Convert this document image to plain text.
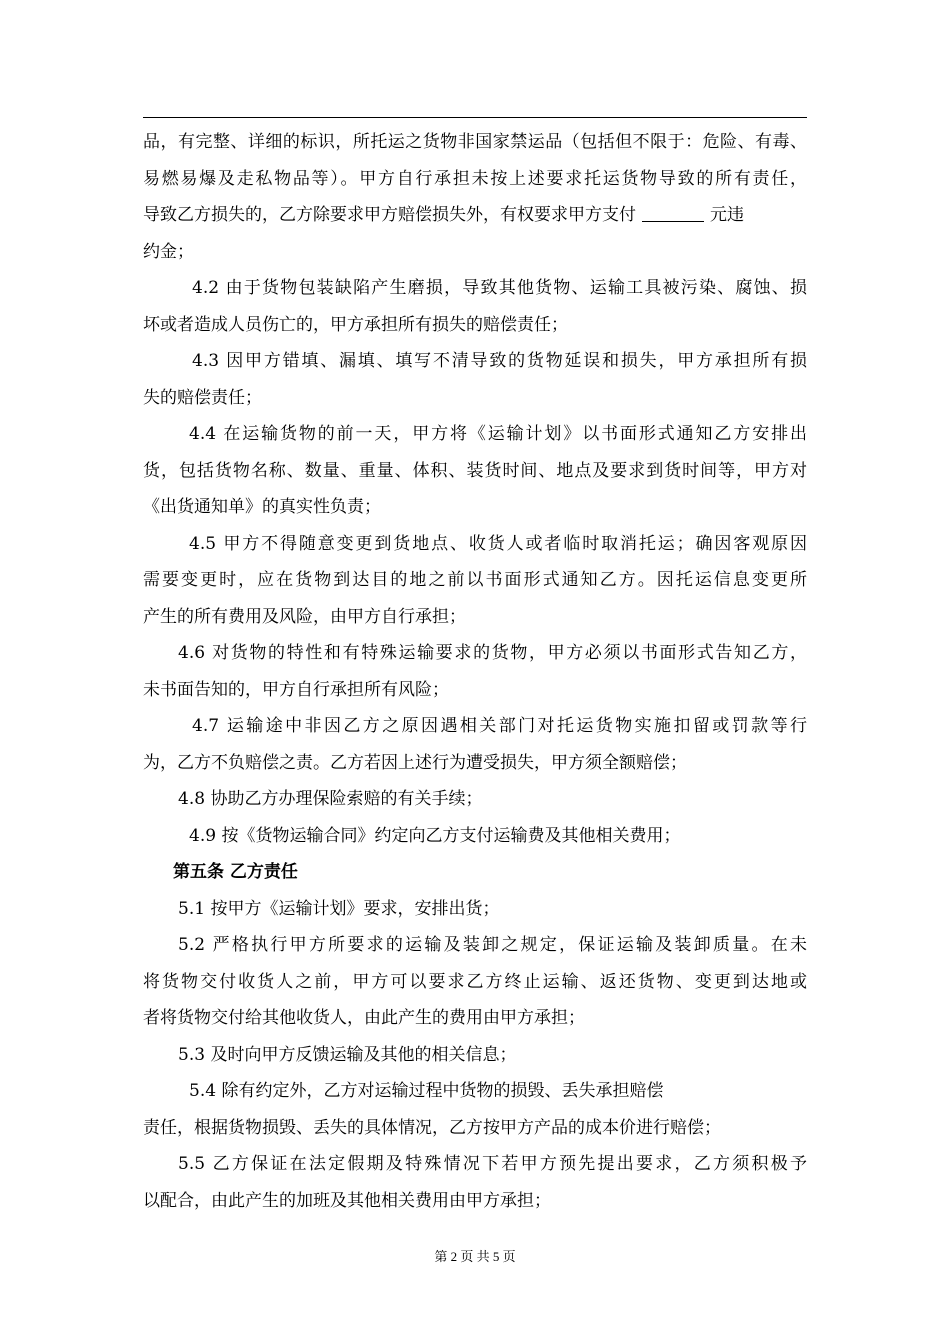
品，有完整、详细的标识，所托运之货物非国家禁运品（包括但不限于：危险、有毒、
易燃易爆及走私物品等）。甲方自行承担未按上述要求托运货物导致的所有责任，
导致乙方损失的，乙方除要求甲方赔偿损失外，有权要求甲方支付	元违
约金；
4.2 由于货物包装缺陷产生磨损，导致其他货物、运输工具被污染、腐蚀、损
坏或者造成人员伤亡的，甲方承担所有损失的赔偿责任；
4.3 因甲方错填、漏填、填写不清导致的货物延误和损失，甲方承担所有损
失的赔偿责任；
4.4 在运输货物的前一天，甲方将《运输计划》以书面形式通知乙方安排出
货，包括货物名称、数量、重量、体积、装货时间、地点及要求到货时间等，甲方对
《出货通知单》的真实性负责；
4.5 甲方不得随意变更到货地点、收货人或者临时取消托运；确因客观原因
需要变更时，应在货物到达目的地之前以书面形式通知乙方。因托运信息变更所
产生的所有费用及风险，由甲方自行承担；
4.6 对货物的特性和有特殊运输要求的货物，甲方必须以书面形式告知乙方，
未书面告知的，甲方自行承担所有风险；
4.7 运输途中非因乙方之原因遇相关部门对托运货物实施扣留或罚款等行
为，乙方不负赔偿之责。乙方若因上述行为遭受损失，甲方须全额赔偿；
4.8 协助乙方办理保险索赔的有关手续；
4.9 按《货物运输合同》约定向乙方支付运输费及其他相关费用；
第五条 乙方责任
5.1 按甲方《运输计划》要求，安排出货；
5.2 严格执行甲方所要求的运输及装卸之规定，保证运输及装卸质量。在未
将货物交付收货人之前，甲方可以要求乙方终止运输、返还货物、变更到达地或
者将货物交付给其他收货人，由此产生的费用由甲方承担；
5.3 及时向甲方反馈运输及其他的相关信息；
5.4 除有约定外，乙方对运输过程中货物的损毁、丢失承担赔偿
责任，根据货物损毁、丢失的具体情况，乙方按甲方产品的成本价进行赔偿；
5.5 乙方保证在法定假期及特殊情况下若甲方预先提出要求，乙方须积极予
以配合，由此产生的加班及其他相关费用由甲方承担；
第 2 页 共 5 页
